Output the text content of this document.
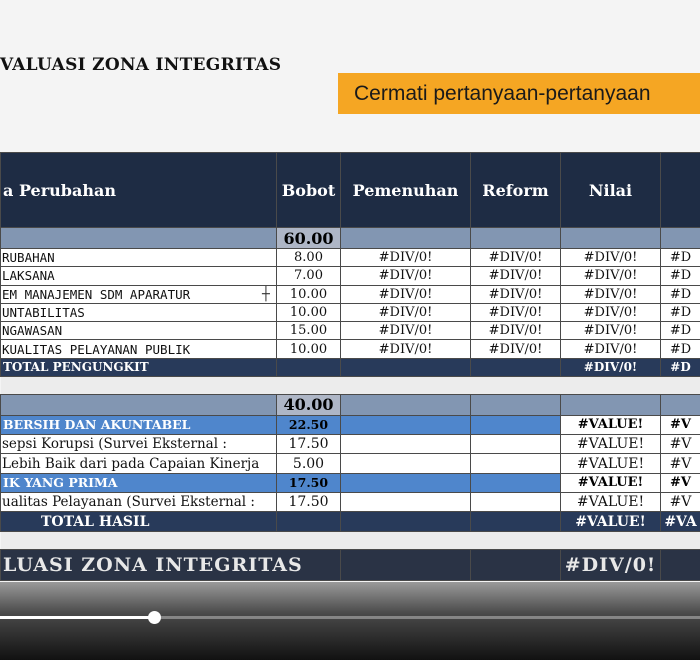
VALUASI ZONA INTEGRITAS
Cermati pertanyaan-pertanyaan
a Perubahan	Bobot	Pemenuhan	Reform	Nilai	
	60.00				
RUBAHAN	8.00	#DIV/0!	#DIV/0!	#DIV/0!	#D
LAKSANA	7.00	#DIV/0!	#DIV/0!	#DIV/0!	#D
EM MANAJEMEN SDM APARATUR	10.00	#DIV/0!	#DIV/0!	#DIV/0!	#D
UNTABILITAS	10.00	#DIV/0!	#DIV/0!	#DIV/0!	#D
NGAWASAN	15.00	#DIV/0!	#DIV/0!	#DIV/0!	#D
KUALITAS PELAYANAN PUBLIK	10.00	#DIV/0!	#DIV/0!	#DIV/0!	#D
TOTAL PENGUNGKIT				#DIV/0!	#D

	40.00				
BERSIH DAN AKUNTABEL	22.50			#VALUE!	#V
sepsi Korupsi (Survei Eksternal :	17.50			#VALUE!	#V
Lebih Baik dari pada Capaian Kinerja	5.00			#VALUE!	#V
IK YANG PRIMA	17.50			#VALUE!	#V
ualitas Pelayanan (Survei Eksternal :	17.50			#VALUE!	#V
TOTAL HASIL				#VALUE!	#VA

LUASI ZONA INTEGRITAS				#DIV/0!	
┼
